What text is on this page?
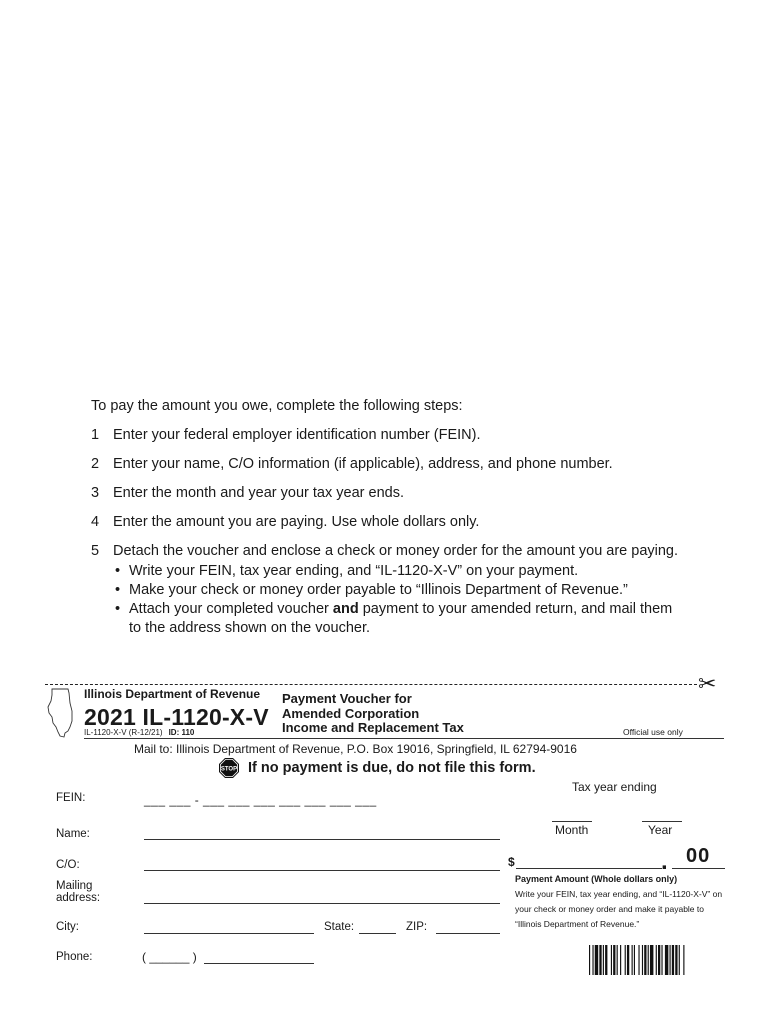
To pay the amount you owe, complete the following steps:
1 Enter your federal employer identification number (FEIN).
2 Enter your name, C/O information (if applicable), address, and phone number.
3 Enter the month and year your tax year ends.
4 Enter the amount you are paying. Use whole dollars only.
5 Detach the voucher and enclose a check or money order for the amount you are paying.
• Write your FEIN, tax year ending, and “IL-1120-X-V” on your payment.
• Make your check or money order payable to “Illinois Department of Revenue.”
• Attach your completed voucher and payment to your amended return, and mail them
to the address shown on the voucher.
✂
Illinois Department of Revenue
2021 IL-1120-X-V
IL-1120-X-V (R-12/21) ID: 110
Payment Voucher for
Amended Corporation
Income and Replacement Tax	Official use only
Mail to: Illinois Department of Revenue, P.O. Box 19016, Springfield, IL 62794-9016
STOP If no payment is due, do not file this form.
FEIN:	___ ___ - ___ ___ ___ ___ ___ ___ ___
Name:
C/O:
Mailing
address:
City:	State:	ZIP:
Phone:	( ______ )
Tax year ending
Month	Year
$	. 00
Payment Amount (Whole dollars only)
Write your FEIN, tax year ending, and “IL-1120-X-V” on your check or money order and make it payable to “Illinois Department of Revenue.”
